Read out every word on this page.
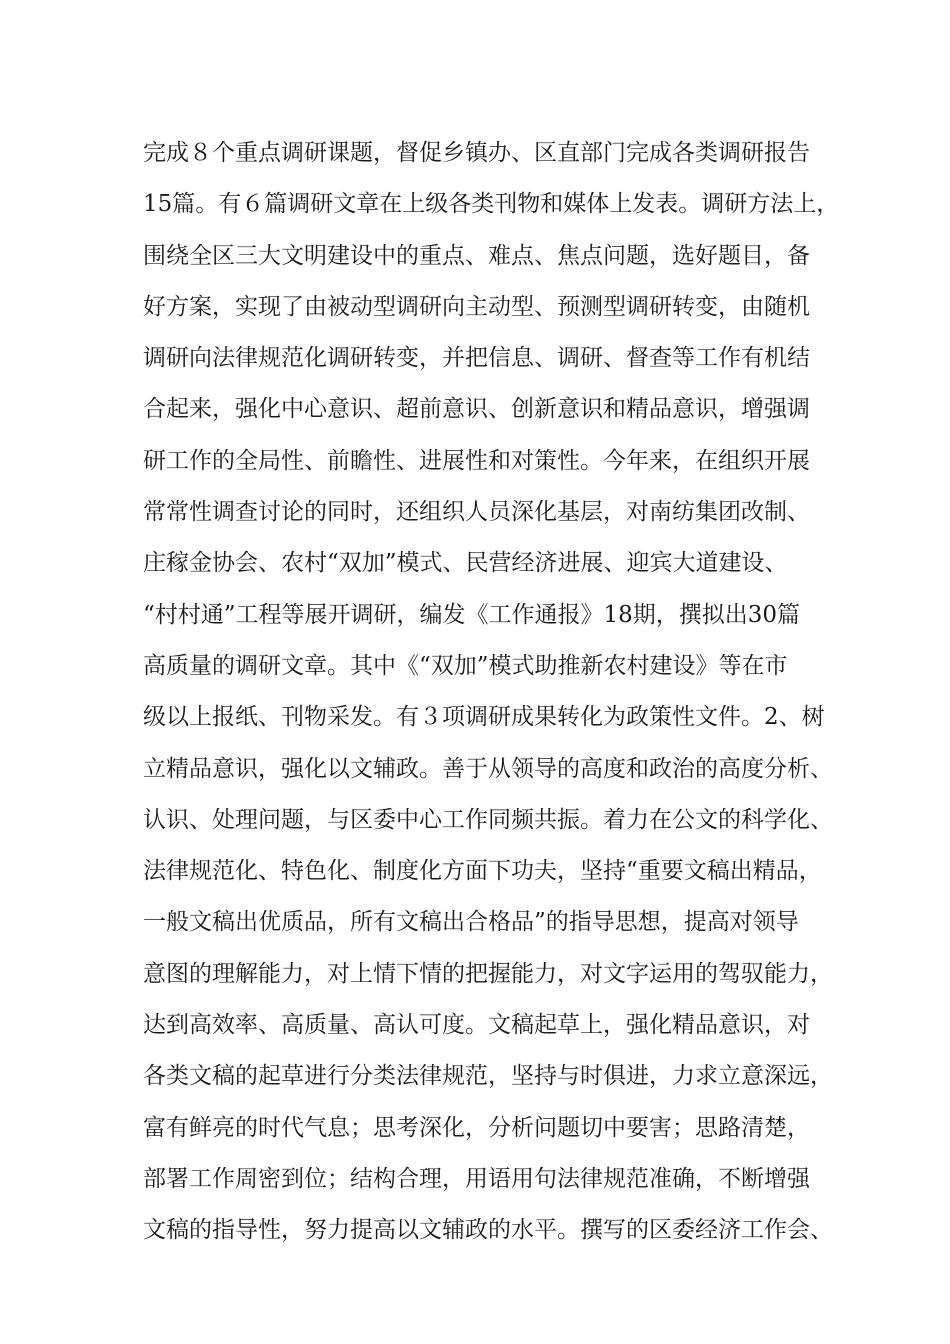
完成８个重点调研课题，督促乡镇办、区直部门完成各类调研报告
15篇。有６篇调研文章在上级各类刊物和媒体上发表。调研方法上，
围绕全区三大文明建设中的重点、难点、焦点问题，选好题目，备
好方案，实现了由被动型调研向主动型、预测型调研转变，由随机
调研向法律规范化调研转变，并把信息、调研、督查等工作有机结
合起来，强化中心意识、超前意识、创新意识和精品意识，增强调
研工作的全局性、前瞻性、进展性和对策性。今年来，在组织开展
常常性调查讨论的同时，还组织人员深化基层，对南纺集团改制、
庄稼金协会、农村“双加”模式、民营经济进展、迎宾大道建设、
“村村通”工程等展开调研，编发《工作通报》18期，撰拟出30篇
高质量的调研文章。其中《“双加”模式助推新农村建设》等在市
级以上报纸、刊物采发。有３项调研成果转化为政策性文件。2、树
立精品意识，强化以文辅政。善于从领导的高度和政治的高度分析、
认识、处理问题，与区委中心工作同频共振。着力在公文的科学化、
法律规范化、特色化、制度化方面下功夫，坚持“重要文稿出精品，
一般文稿出优质品，所有文稿出合格品”的指导思想，提高对领导
意图的理解能力，对上情下情的把握能力，对文字运用的驾驭能力，
达到高效率、高质量、高认可度。文稿起草上，强化精品意识，对
各类文稿的起草进行分类法律规范，坚持与时俱进，力求立意深远，
富有鲜亮的时代气息；思考深化，分析问题切中要害；思路清楚，
部署工作周密到位；结构合理，用语用句法律规范准确，不断增强
文稿的指导性，努力提高以文辅政的水平。撰写的区委经济工作会、
